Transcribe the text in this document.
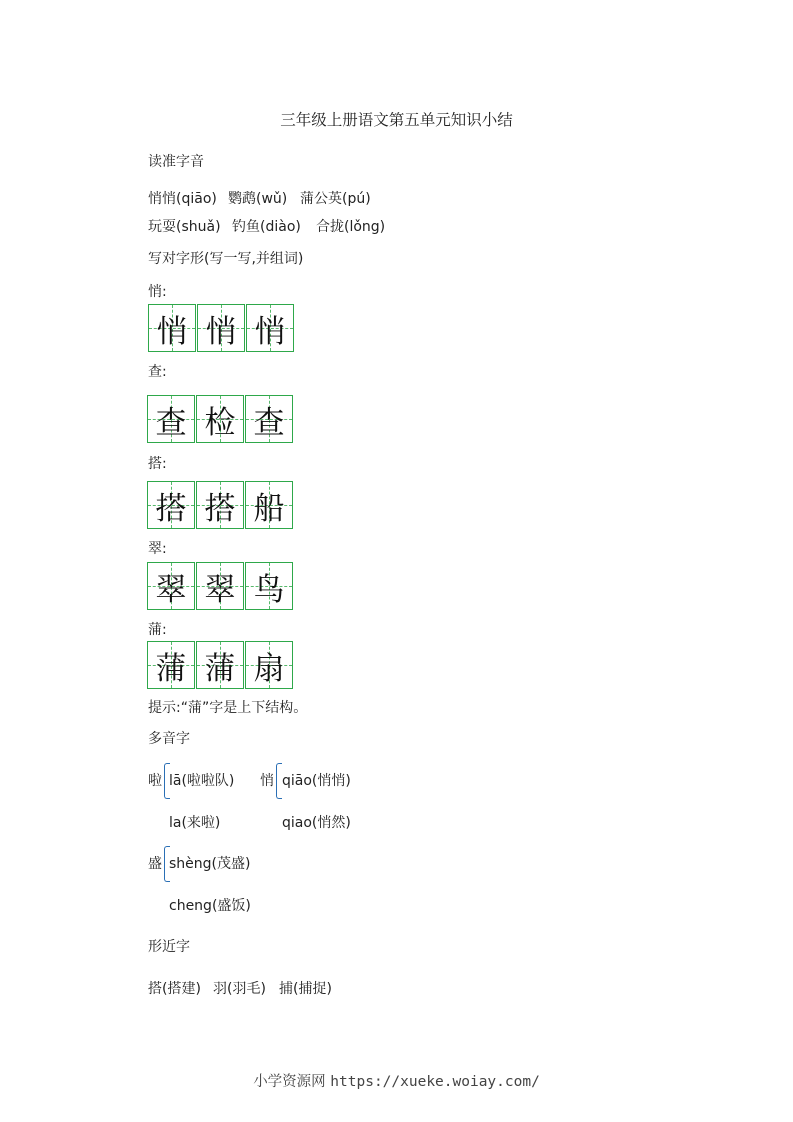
三年级上册语文第五单元知识小结
读准字音
悄悄(qiāo) 鹦鹉(wǔ) 蒲公英(pú)
玩耍(shuǎ) 钓鱼(diào) 合拢(lǒng)
写对字形(写一写,并组词)
悄:
悄 悄 悄
查:
查 检 查
搭:
搭 搭 船
翠:
翠 翠 鸟
蒲:
蒲 蒲 扇
提示:“蒲”字是上下结构。
多音字
啦 lā(啦啦队)
la(来啦)
悄 qiāo(悄悄)
qiao(悄然)
盛 shèng(茂盛)
cheng(盛饭)
形近字
搭(搭建) 羽(羽毛) 捕(捕捉)
小学资源网 https://xueke.woiay.com/
